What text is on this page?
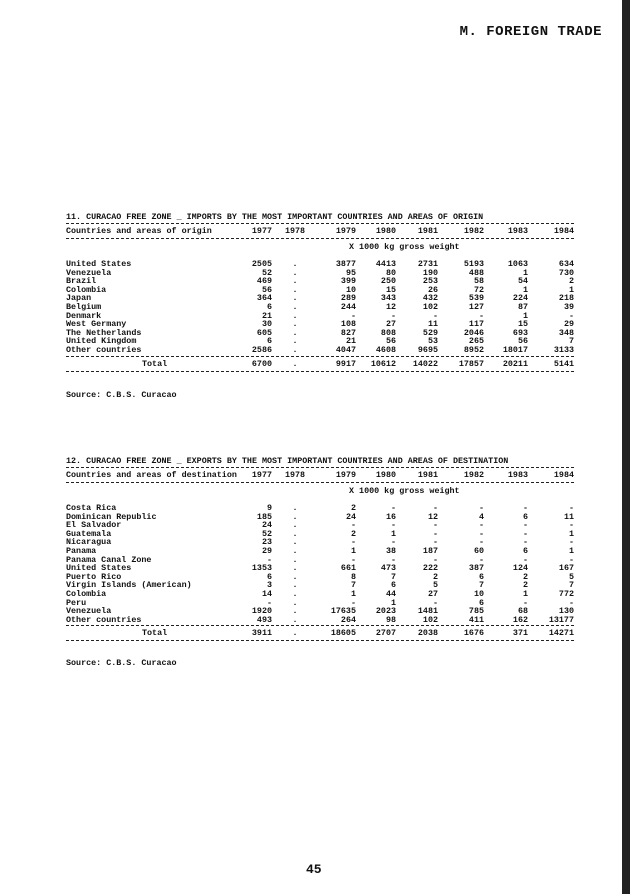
M. FOREIGN TRADE
11. CURACAO FREE ZONE _ IMPORTS BY THE MOST IMPORTANT COUNTRIES AND AREAS OF ORIGIN
Countries and areas of origin	1977	1978	1979	1980	1981	1982	1983	1984
X 1000 kg gross weight
United States	2505	.	3877	4413	2731	5193	1063	634
Venezuela	52	.	95	80	190	488	1	730
Brazil	469	.	399	250	253	58	54	2
Colombia	56	.	10	15	26	72	1	1
Japan	364	.	289	343	432	539	224	218
Belgium	6	.	244	12	102	127	87	39
Denmark	21	.	-	-	-	-	1	-
West Germany	30	.	108	27	11	117	15	29
The Netherlands	605	.	827	808	529	2046	693	348
United Kingdom	6	.	21	56	53	265	56	7
Other countries	2586	.	4047	4608	9695	8952	18017	3133
Total	6700	.	9917	10612	14022	17857	20211	5141
Source: C.B.S. Curacao
12. CURACAO FREE ZONE _ EXPORTS BY THE MOST IMPORTANT COUNTRIES AND AREAS OF DESTINATION
Countries and areas of destination	1977	1978	1979	1980	1981	1982	1983	1984
X 1000 kg gross weight
Costa Rica	9	.	2	-	-	-	-	-
Dominican Republic	185	.	24	16	12	4	6	11
El Salvador	24	.	-	-	-	-	-	-
Guatemala	52	.	2	1	-	-	-	1
Nicaragua	23	.	-	-	-	-	-	-
Panama	29	.	1	38	187	60	6	1
Panama Canal Zone	-	.	-	-	-	-	-	-
United States	1353	.	661	473	222	387	124	167
Puerto Rico	6	.	8	7	2	6	2	5
Virgin Islands (American)	3	.	7	6	5	7	2	7
Colombia	14	.	1	44	27	10	1	772
Peru	-	.	-	1	-	6	-	-
Venezuela	1920	.	17635	2023	1481	785	68	130
Other countries	493	.	264	98	102	411	162	13177
Total	3911	.	18605	2707	2038	1676	371	14271
Source: C.B.S. Curacao
45
